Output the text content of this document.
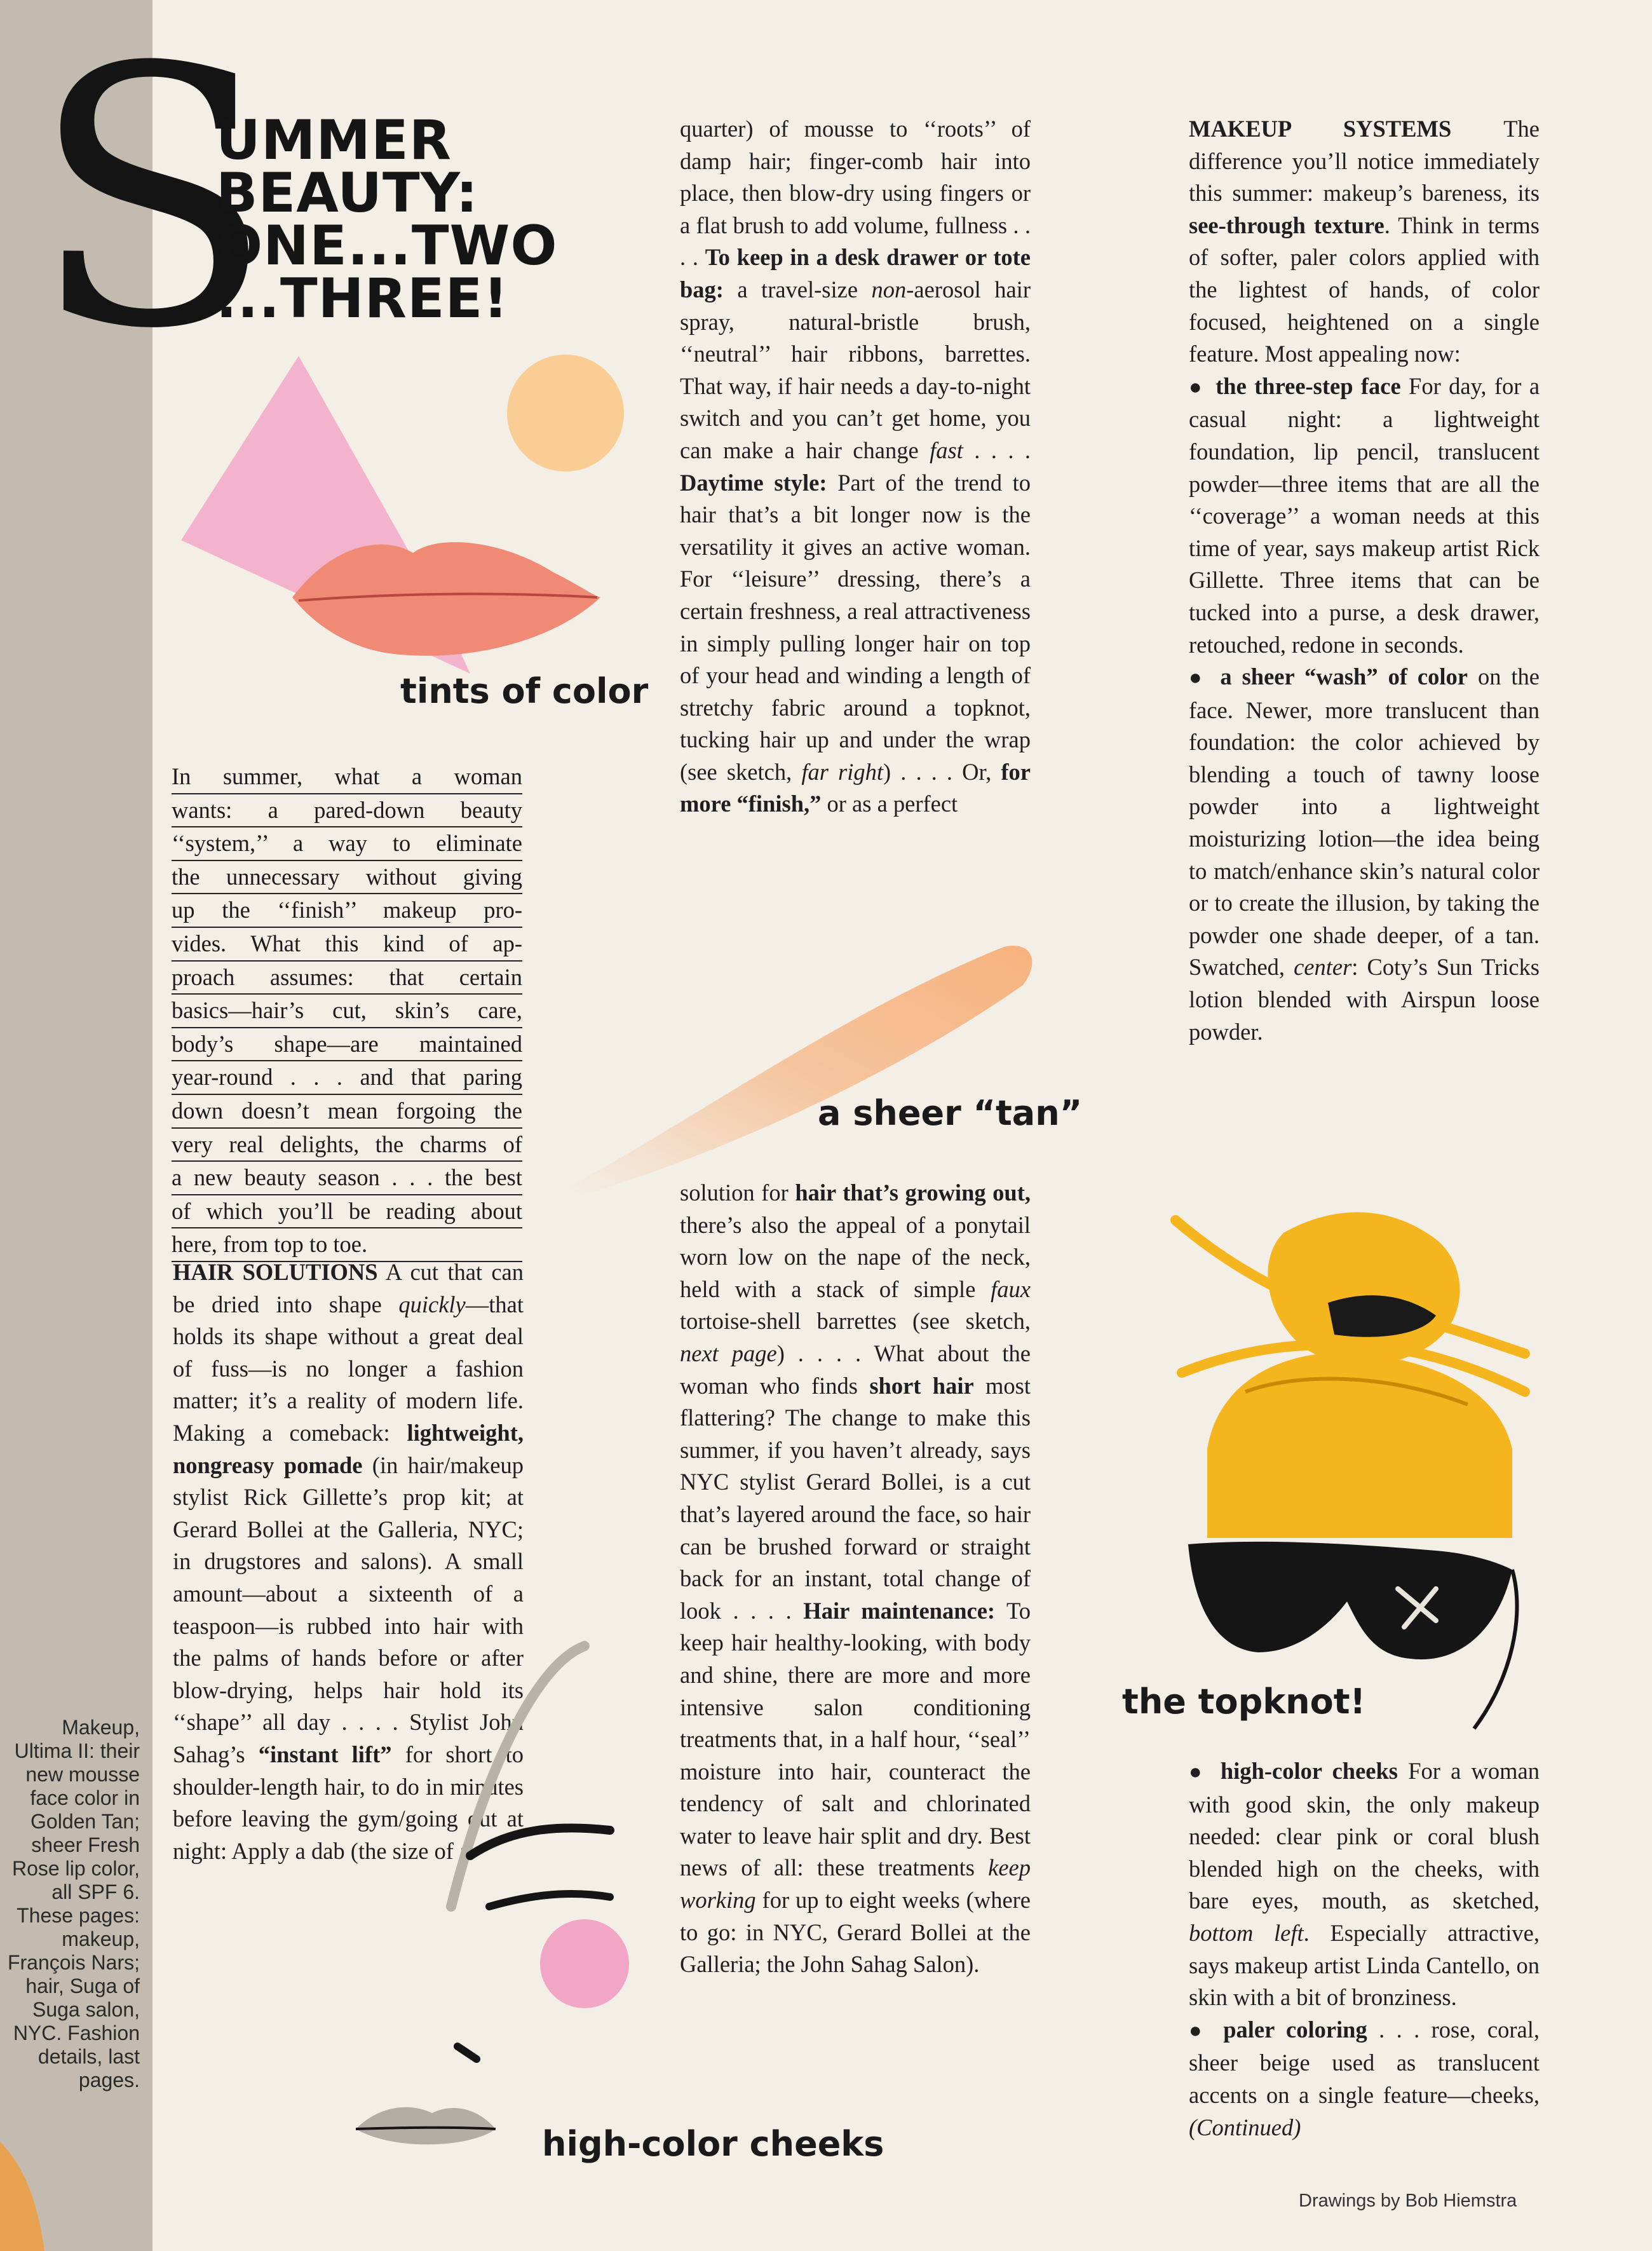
Makeup, Ultima II: their new mousse face color in Golden Tan; sheer Fresh Rose lip color, all SPF 6. These pages: makeup, François Nars; hair, Suga of Suga salon, NYC. Fashion details, last pages.
S
UMMER
BEAUTY:
ONE...TWO
...THREE!
tints of color
In summer, what a woman
wants: a pared-down beauty
‘‘system,’’ a way to eliminate
the unnecessary without giving
up the ‘‘finish’’ makeup pro-
vides. What this kind of ap-
proach assumes: that certain
basics—hair’s cut, skin’s care,
body’s shape—are maintained
year-round . . . and that paring
down doesn’t mean forgoing the
very real delights, the charms of
a new beauty season . . . the best
of which you’ll be reading about
here, from top to toe.

HAIR SOLUTIONS A cut that can be dried into shape quickly—that holds its shape without a great deal of fuss—is no longer a fashion matter; it’s a reality of modern life. Making a comeback: lightweight, nongreasy pomade (in hair/makeup stylist Rick Gillette’s prop kit; at Gerard Bollei at the Galleria, NYC; in drugstores and salons). A small amount—about a sixteenth of a teaspoon—is rubbed into hair with the palms of hands before or after blow-drying, helps hair hold its ‘‘shape’’ all day . . . . Stylist John Sahag’s “instant lift” for short to shoulder-length hair, to do in minutes before leaving the gym/going out at night: Apply a dab (the size of a

high-color cheeks

quarter) of mousse to ‘‘roots’’ of damp hair; finger-comb hair into place, then blow-dry using fingers or a flat brush to add volume, fullness . . . . To keep in a desk drawer or tote bag: a travel-size non-aerosol hair spray, natural-bristle brush, ‘‘neutral’’ hair ribbons, barrettes. That way, if hair needs a day-to-night switch and you can’t get home, you can make a hair change fast . . . . Daytime style: Part of the trend to hair that’s a bit longer now is the versatility it gives an active woman. For ‘‘leisure’’ dressing, there’s a certain freshness, a real attractiveness in simply pulling longer hair on top of your head and winding a length of stretchy fabric around a topknot, tucking hair up and under the wrap (see sketch, far right) . . . . Or, for more “finish,” or as a perfect

a sheer “tan”

solution for hair that’s growing out, there’s also the appeal of a ponytail worn low on the nape of the neck, held with a stack of simple faux tortoise-shell barrettes (see sketch, next page) . . . . What about the woman who finds short hair most flattering? The change to make this summer, if you haven’t already, says NYC stylist Gerard Bollei, is a cut that’s layered around the face, so hair can be brushed forward or straight back for an instant, total change of look . . . . Hair maintenance: To keep hair healthy-looking, with body and shine, there are more and more intensive salon conditioning treatments that, in a half hour, ‘‘seal’’ moisture into hair, counteract the tendency of salt and chlorinated water to leave hair split and dry. Best news of all: these treatments keep working for up to eight weeks (where to go: in NYC, Gerard Bollei at the Galleria; the John Sahag Salon).

MAKEUP SYSTEMS The difference you’ll notice immediately this summer: makeup’s bareness, its see-through texture. Think in terms of softer, paler colors applied with the lightest of hands, of color focused, heightened on a single feature. Most appealing now:

● the three-step face For day, for a casual night: a lightweight foundation, lip pencil, translucent powder—three items that are all the ‘‘coverage’’ a woman needs at this time of year, says makeup artist Rick Gillette. Three items that can be tucked into a purse, a desk drawer, retouched, redone in seconds.

● a sheer “wash” of color on the face. Newer, more translucent than foundation: the color achieved by blending a touch of tawny loose powder into a lightweight moisturizing lotion—the idea being to match/enhance skin’s natural color or to create the illusion, by taking the powder one shade deeper, of a tan. Swatched, center: Coty’s Sun Tricks lotion blended with Airspun loose powder.

the topknot!

● high-color cheeks For a woman with good skin, the only makeup needed: clear pink or coral blush blended high on the cheeks, with bare eyes, mouth, as sketched, bottom left. Especially attractive, says makeup artist Linda Cantello, on skin with a bit of bronziness.

● paler coloring . . . rose, coral, sheer beige used as translucent accents on a single feature—cheeks, (Continued)

Drawings by Bob Hiemstra
